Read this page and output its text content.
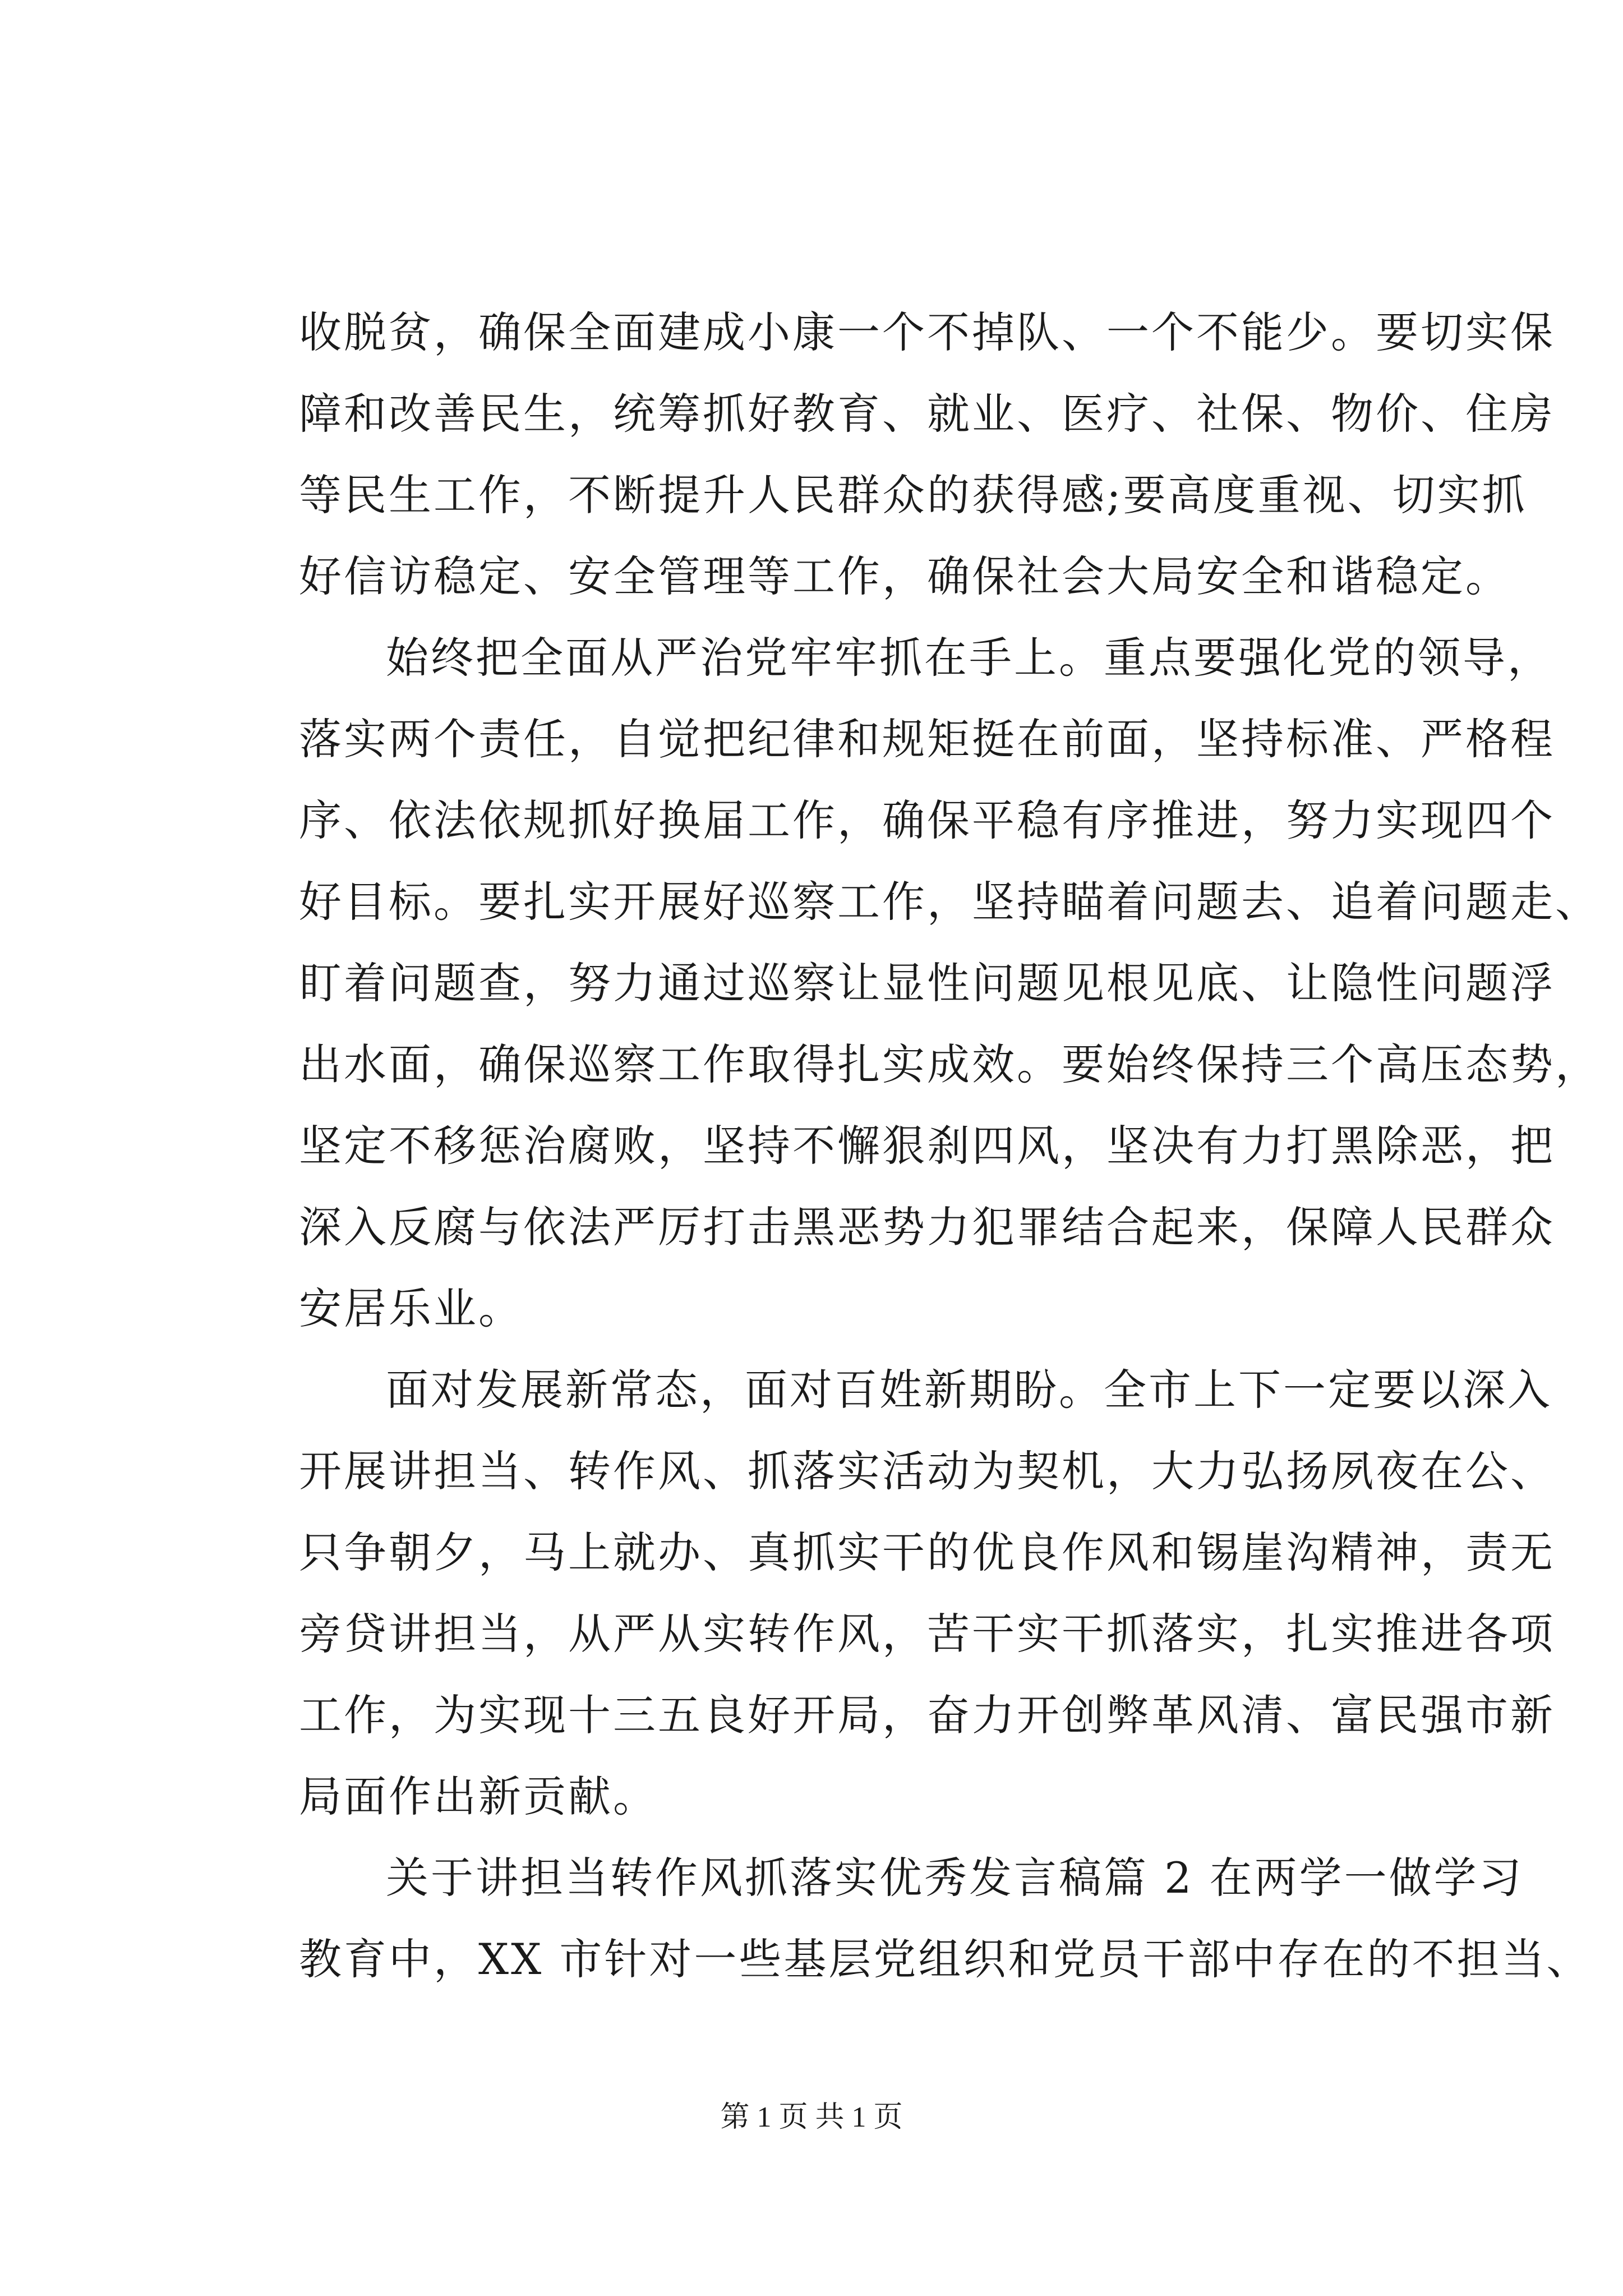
收脱贫，确保全面建成小康一个不掉队、一个不能少。要切实保
障和改善民生，统筹抓好教育、就业、医疗、社保、物价、住房
等民生工作，不断提升人民群众的获得感;要高度重视、切实抓
好信访稳定、安全管理等工作，确保社会大局安全和谐稳定。
始终把全面从严治党牢牢抓在手上。重点要强化党的领导，
落实两个责任，自觉把纪律和规矩挺在前面，坚持标准、严格程
序、依法依规抓好换届工作，确保平稳有序推进，努力实现四个
好目标。要扎实开展好巡察工作，坚持瞄着问题去、追着问题走、
盯着问题查，努力通过巡察让显性问题见根见底、让隐性问题浮
出水面，确保巡察工作取得扎实成效。要始终保持三个高压态势，
坚定不移惩治腐败，坚持不懈狠刹四风，坚决有力打黑除恶，把
深入反腐与依法严厉打击黑恶势力犯罪结合起来，保障人民群众
安居乐业。
面对发展新常态，面对百姓新期盼。全市上下一定要以深入
开展讲担当、转作风、抓落实活动为契机，大力弘扬夙夜在公、
只争朝夕，马上就办、真抓实干的优良作风和锡崖沟精神，责无
旁贷讲担当，从严从实转作风，苦干实干抓落实，扎实推进各项
工作，为实现十三五良好开局，奋力开创弊革风清、富民强市新
局面作出新贡献。
关于讲担当转作风抓落实优秀发言稿篇 2 在两学一做学习
教育中，XX 市针对一些基层党组织和党员干部中存在的不担当、
第 1 页 共 1 页
